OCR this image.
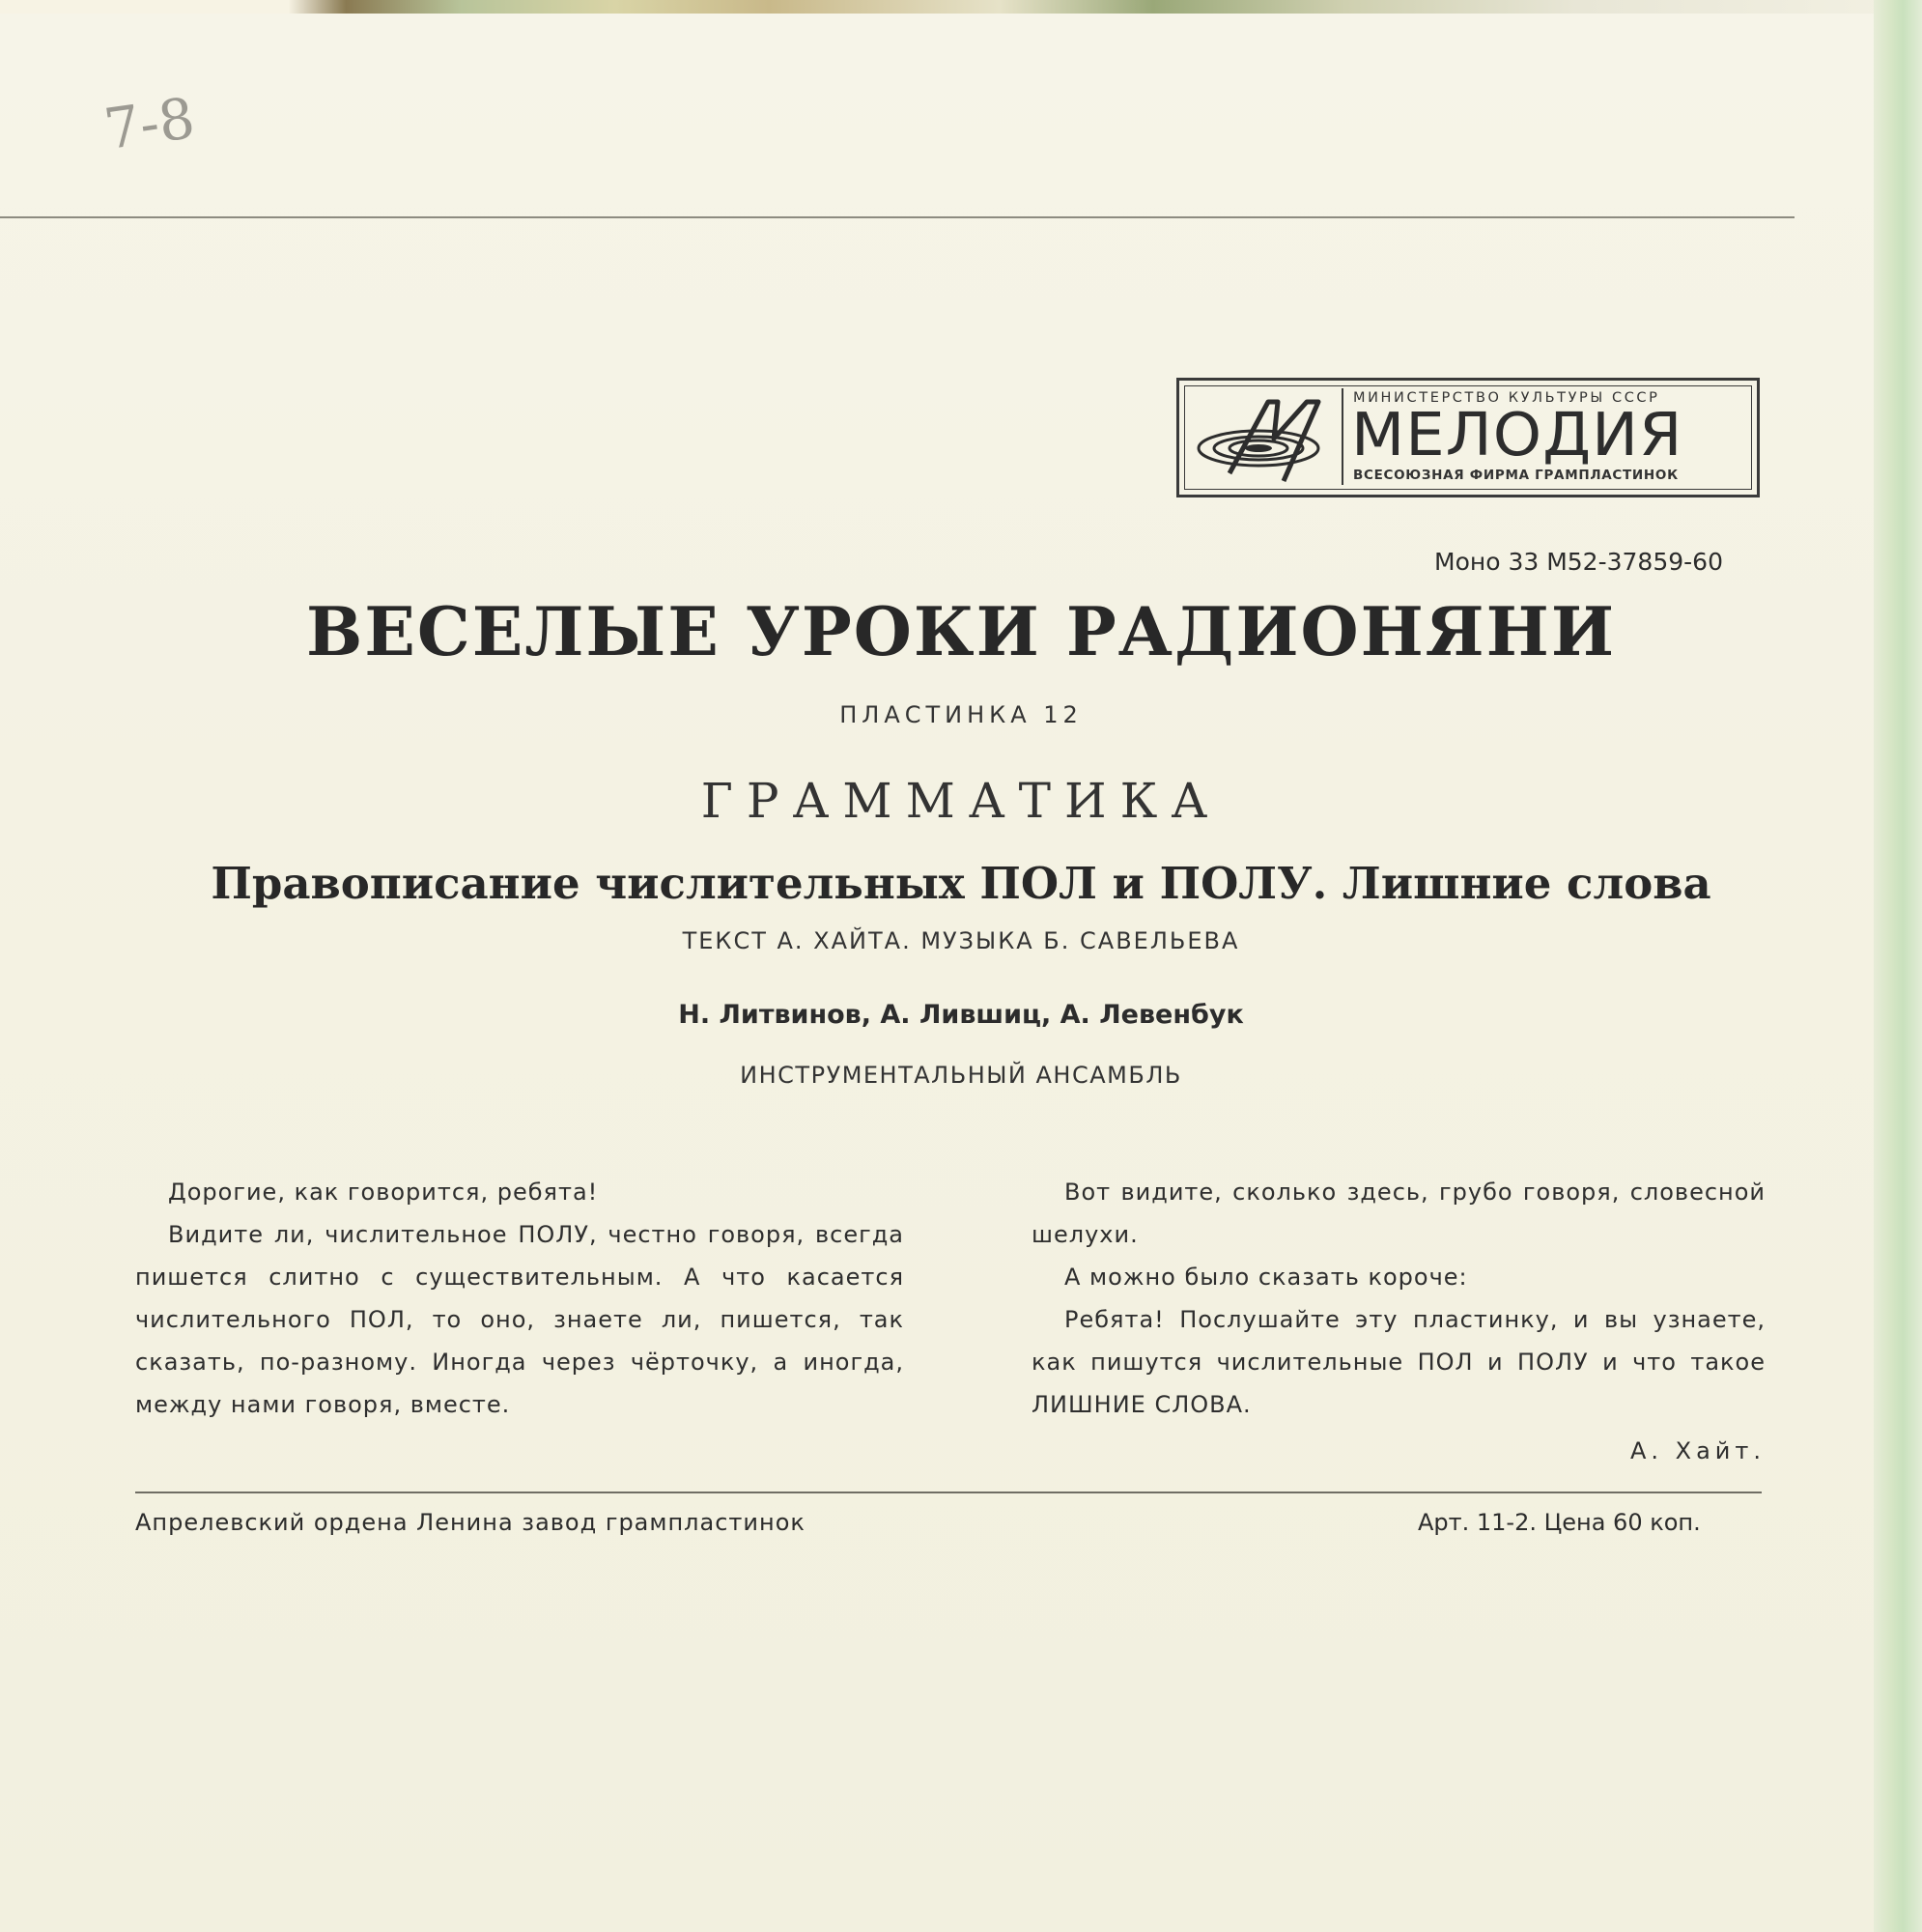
7-8
МИНИСТЕРСТВО КУЛЬТУРЫ СССР
МЕЛОДИЯ
ВСЕСОЮЗНАЯ ФИРМА ГРАМПЛАСТИНОК
Моно 33 М52-37859-60
ВЕСЕЛЫЕ УРОКИ РАДИОНЯНИ
ПЛАСТИНКА 12
ГРАММАТИКА
Правописание числительных ПОЛ и ПОЛУ. Лишние слова
ТЕКСТ А. ХАЙТА. МУЗЫКА Б. САВЕЛЬЕВА
Н. Литвинов, А. Лившиц, А. Левенбук
ИНСТРУМЕНТАЛЬНЫЙ АНСАМБЛЬ

Дорогие, как говорится, ребята!

Видите ли, числительное ПОЛУ, честно говоря, всегда пишется слитно с существительным. А что касается числительного ПОЛ, то оно, знаете ли, пишется, так сказать, по-разному. Иногда через чёрточку, а иногда, между нами говоря, вместе.

Вот видите, сколько здесь, грубо говоря, словесной шелухи.

А можно было сказать короче:

Ребята! Послушайте эту пластинку, и вы узнаете, как пишутся числительные ПОЛ и ПОЛУ и что такое ЛИШНИЕ СЛОВА.

А. Хайт.

Апрелевский ордена Ленина завод грампластинок	Арт. 11-2. Цена 60 коп.
